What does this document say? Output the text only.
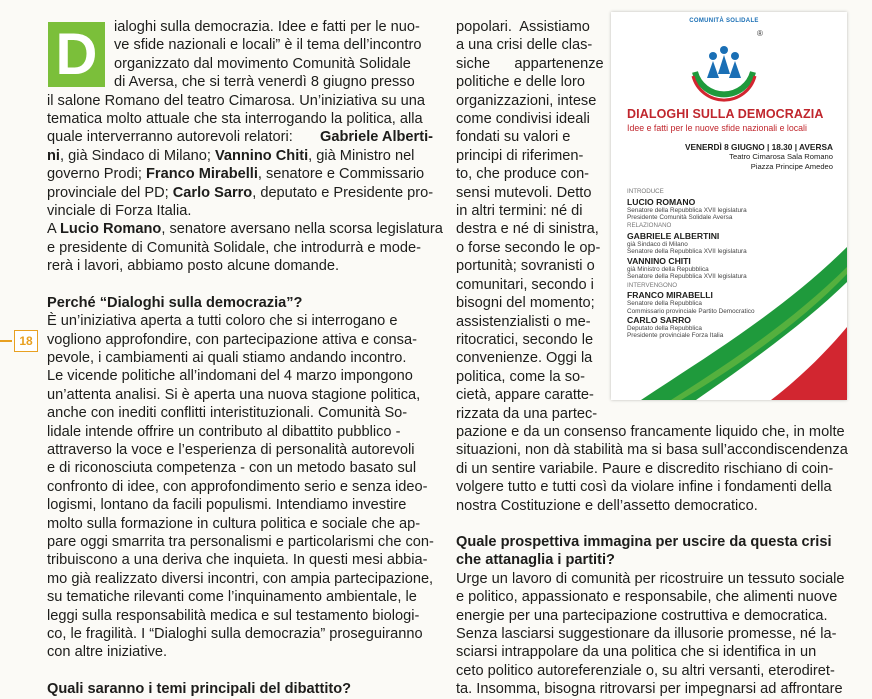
18
D	ialoghi sulla democrazia. Idee e fatti per le nuo-
ve sfide nazionali e locali” è il tema dell’incontro
organizzato dal movimento Comunità Solidale
di Aversa, che si terrà venerdì 8 giugno presso
il salone Romano del teatro Cimarosa. Un’iniziativa su una
tematica molto attuale che sta interrogando la politica, alla
quale interverranno autorevoli relatori: Gabriele Alberti-
ni, già Sindaco di Milano; Vannino Chiti, già Ministro nel
governo Prodi; Franco Mirabelli, senatore e Commissario
provinciale del PD; Carlo Sarro, deputato e Presidente pro-
vinciale di Forza Italia.
A Lucio Romano, senatore aversano nella scorsa legislatura
e presidente di Comunità Solidale, che introdurrà e mode-
rerà i lavori, abbiamo posto alcune domande.
Perché “Dialoghi sulla democrazia”?
È un’iniziativa aperta a tutti coloro che si interrogano e
vogliono approfondire, con partecipazione attiva e consa-
pevole, i cambiamenti ai quali stiamo andando incontro.
Le vicende politiche all’indomani del 4 marzo impongono
un’attenta analisi. Si è aperta una nuova stagione politica,
anche con inediti conflitti interistituzionali. Comunità So-
lidale intende offrire un contributo al dibattito pubblico -
attraverso la voce e l’esperienza di personalità autorevoli
e di riconosciuta competenza - con un metodo basato sul
confronto di idee, con approfondimento serio e senza ideo-
logismi, lontano da facili populismi. Intendiamo investire
molto sulla formazione in cultura politica e sociale che ap-
pare oggi smarrita tra personalismi e particolarismi che con-
tribuiscono a una deriva che inquieta. In questi mesi abbia-
mo già realizzato diversi incontri, con ampia partecipazione,
su tematiche rilevanti come l’inquinamento ambientale, le
leggi sulla responsabilità medica e sul testamento biologi-
co, le fragilità. I “Dialoghi sulla democrazia” proseguiranno
con altre iniziative.
Quali saranno i temi principali del dibattito?
popolari.  Assistiamo
a una crisi delle clas-
siche      appartenenze
politiche e delle loro
organizzazioni, intese
come condivisi ideali
fondati su valori e
principi di riferimen-
to, che produce con-
sensi mutevoli. Detto
in altri termini: né di
destra e né di sinistra,
o forse secondo le op-
portunità; sovranisti o
comunitari, secondo i
bisogni del momento;
assistenzialisti o me-
ritocratici, secondo le
convenienze. Oggi la
politica, come la so-
cietà, appare caratte-
rizzata da una partec-
pazione e da un consenso francamente liquido che, in molte
situazioni, non dà stabilità ma si basa sull’accondiscendenza
di un sentire variabile. Paure e discredito rischiano di coin-
volgere tutto e tutti così da violare infine i fondamenti della
nostra Costituzione e dell’assetto democratico.
Quale prospettiva immagina per uscire da questa crisi
che attanaglia i partiti?
Urge un lavoro di comunità per ricostruire un tessuto sociale
e politico, appassionato e responsabile, che alimenti nuove
energie per una partecipazione costruttiva e democratica.
Senza lasciarsi suggestionare da illusorie promesse, né la-
sciarsi intrappolare da una politica che si identifica in un
ceto politico autoreferenziale o, su altri versanti, eterodiret-
ta. Insomma, bisogna ritrovarsi per impegnarsi ad affrontare
®
COMUNITÀ SOLIDALE
DIALOGHI SULLA DEMOCRAZIA
Idee e fatti per le nuove sfide nazionali e locali
VENERDÌ 8 GIUGNO | 18.30 | AVERSA
Teatro Cimarosa Sala Romano
Piazza Principe Amedeo
INTRODUCE
LUCIO ROMANO
Senatore della Repubblica XVII legislatura
Presidente Comunità Solidale Aversa
RELAZIONANO
GABRIELE ALBERTINI
già Sindaco di Milano
Senatore della Repubblica XVII legislatura
VANNINO CHITI
già Ministro della Repubblica
Senatore della Repubblica XVII legislatura
INTERVENGONO
FRANCO MIRABELLI
Senatore della Repubblica
Commissario provinciale Partito Democratico
CARLO SARRO
Deputato della Repubblica
Presidente provinciale Forza Italia
